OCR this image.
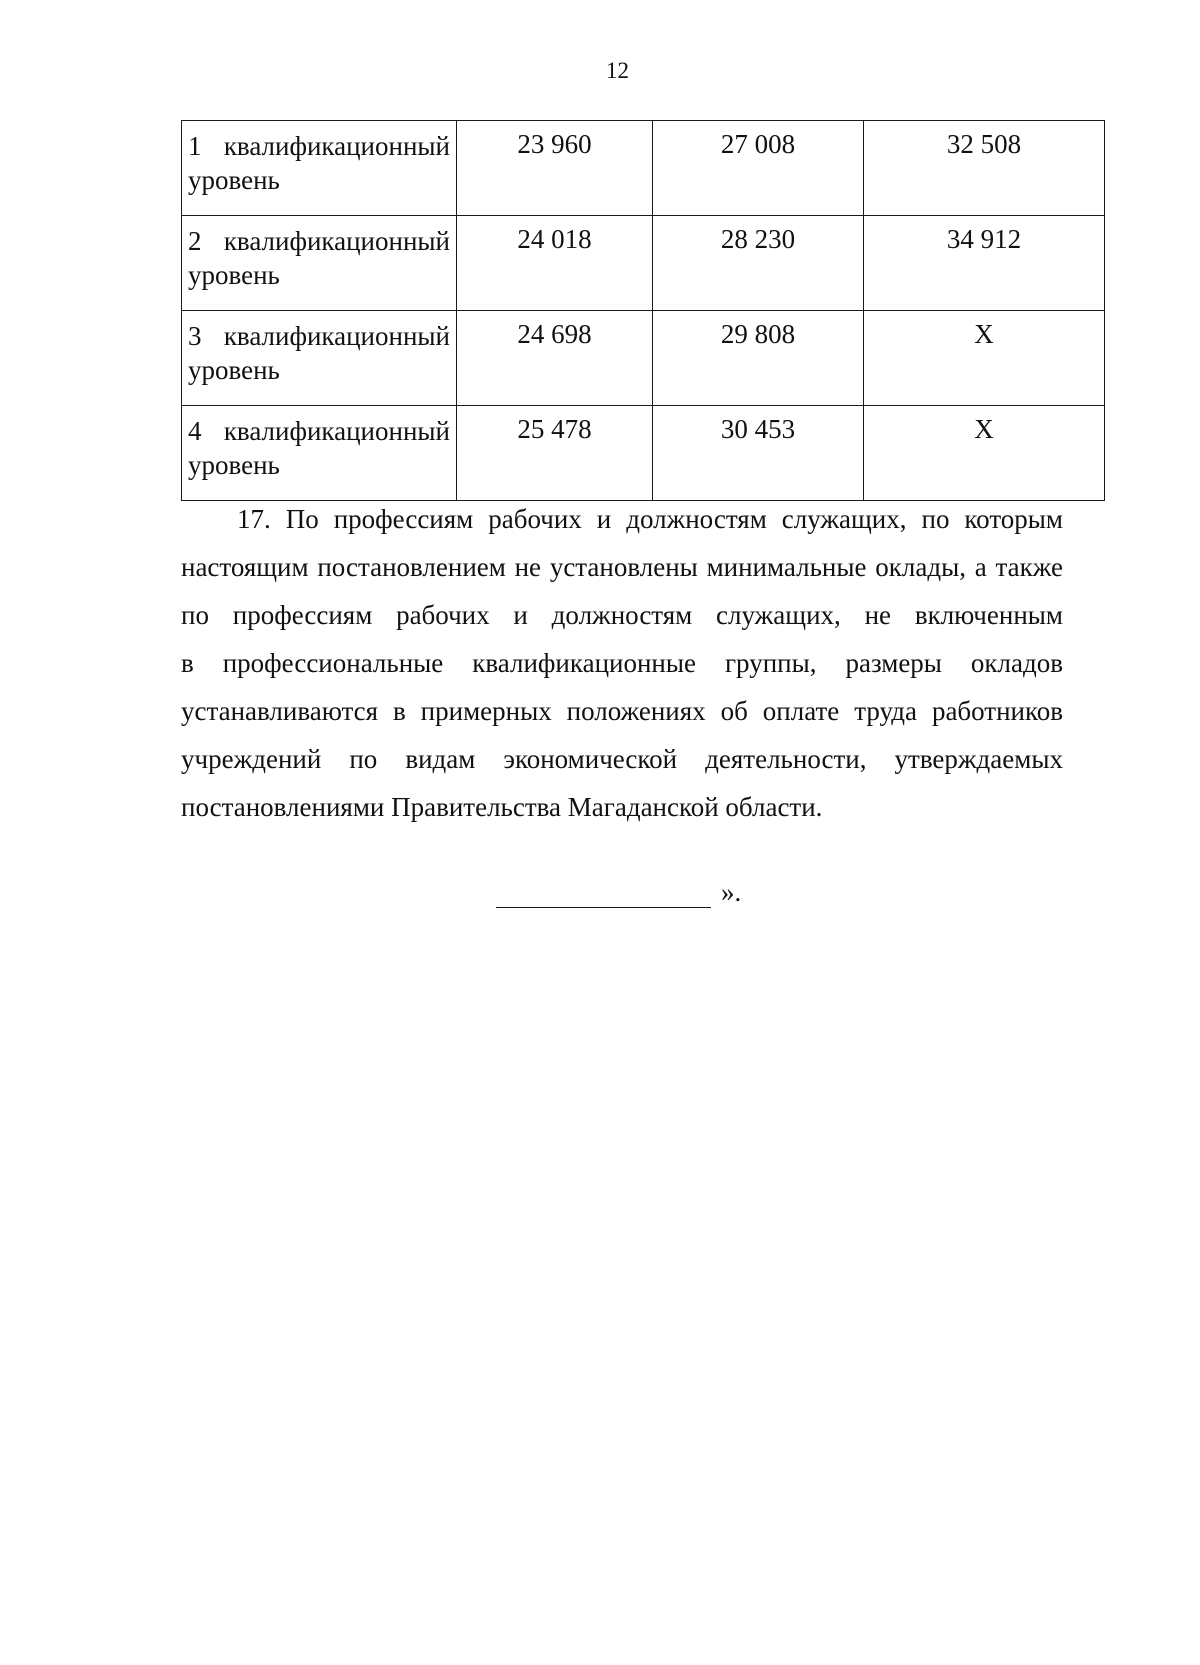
12
1 квалификационный
уровень	23 960	27 008	32 508
2 квалификационный
уровень	24 018	28 230	34 912
3 квалификационный
уровень	24 698	29 808	Х
4 квалификационный
уровень	25 478	30 453	Х
17. По профессиям рабочих и должностям служащих, по которым
настоящим постановлением не установлены минимальные оклады, а также
по профессиям рабочих и должностям служащих, не включенным
в профессиональные квалификационные группы, размеры окладов
устанавливаются в примерных положениях об оплате труда работников
учреждений по видам экономической деятельности, утверждаемых
постановлениями Правительства Магаданской области.
».
